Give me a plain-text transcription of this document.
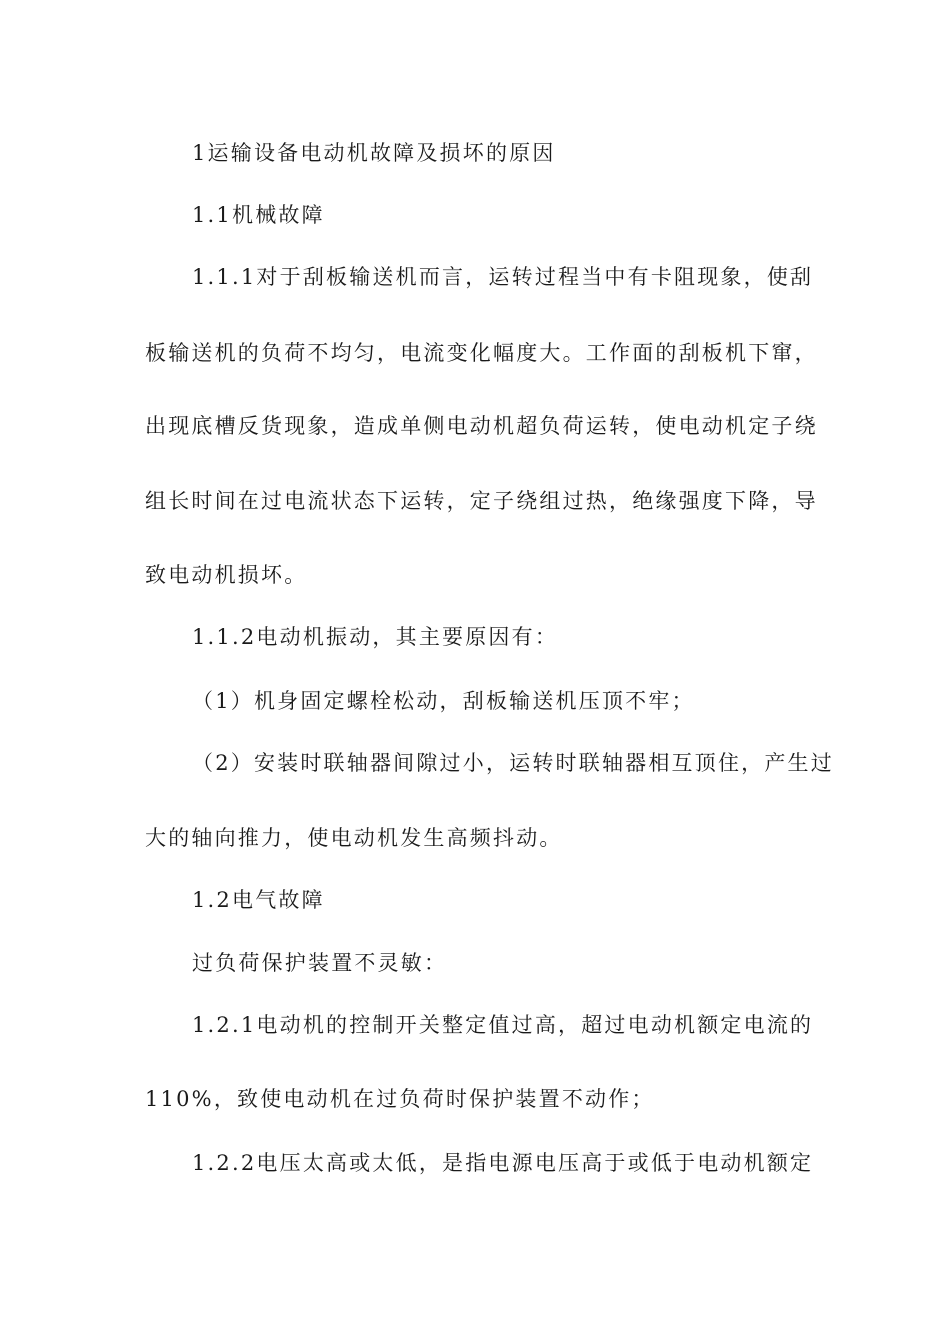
1运输设备电动机故障及损坏的原因
1.1机械故障
1.1.1对于刮板输送机而言，运转过程当中有卡阻现象，使刮
板输送机的负荷不均匀，电流变化幅度大。工作面的刮板机下窜，
出现底槽反货现象，造成单侧电动机超负荷运转，使电动机定子绕
组长时间在过电流状态下运转，定子绕组过热，绝缘强度下降，导
致电动机损坏。
1.1.2电动机振动，其主要原因有：
（1）机身固定螺栓松动，刮板输送机压顶不牢；
（2）安装时联轴器间隙过小，运转时联轴器相互顶住，产生过
大的轴向推力，使电动机发生高频抖动。
1.2电气故障
过负荷保护装置不灵敏：
1.2.1电动机的控制开关整定值过高，超过电动机额定电流的
110%，致使电动机在过负荷时保护装置不动作；
1.2.2电压太高或太低，是指电源电压高于或低于电动机额定
